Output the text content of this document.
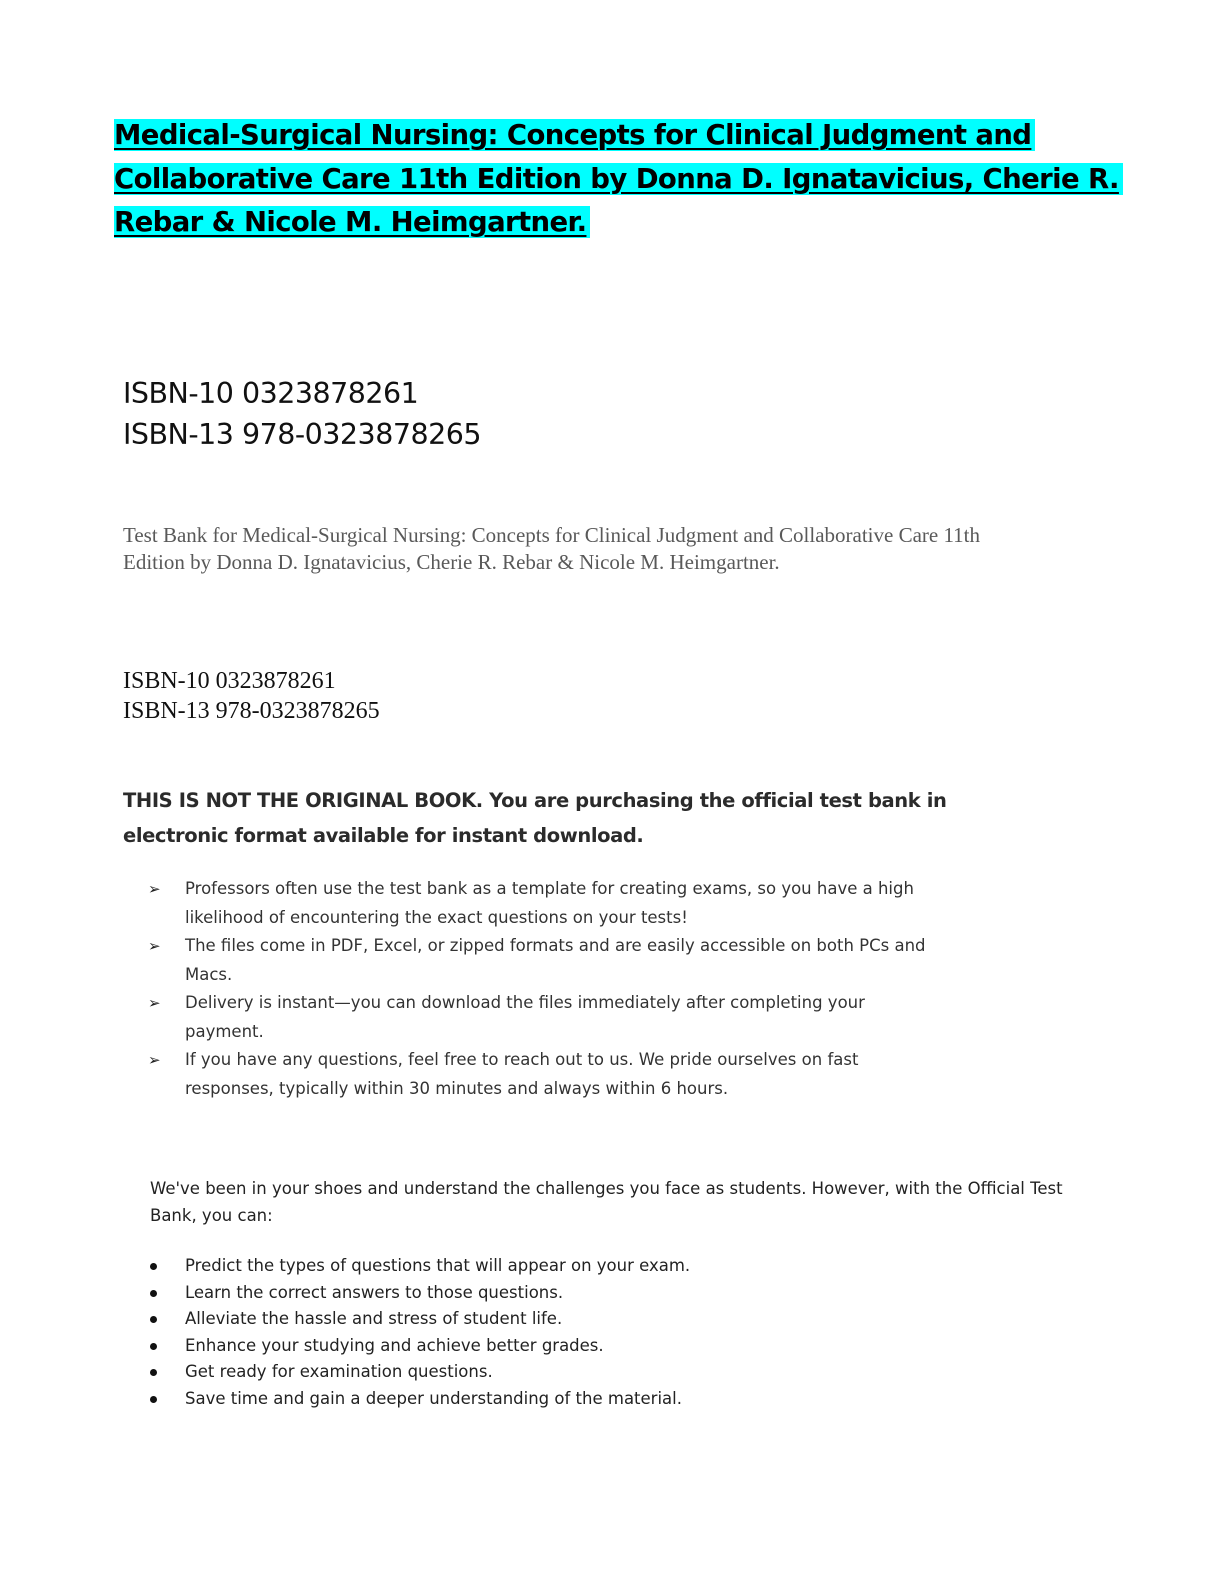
Medical-Surgical Nursing: Concepts for Clinical Judgment and
Collaborative Care 11th Edition by Donna D. Ignatavicius, Cherie R.
Rebar & Nicole M. Heimgartner.
ISBN-10 0323878261
ISBN-13 978-0323878265
Test Bank for Medical-Surgical Nursing: Concepts for Clinical Judgment and Collaborative Care 11th
Edition by Donna D. Ignatavicius, Cherie R. Rebar & Nicole M. Heimgartner.
ISBN-10 0323878261
ISBN-13 978-0323878265
THIS IS NOT THE ORIGINAL BOOK. You are purchasing the official test bank in
electronic format available for instant download.
➢ Professors often use the test bank as a template for creating exams, so you have a high
likelihood of encountering the exact questions on your tests!
➢ The files come in PDF, Excel, or zipped formats and are easily accessible on both PCs and
Macs.
➢ Delivery is instant—you can download the files immediately after completing your
payment.
➢ If you have any questions, feel free to reach out to us. We pride ourselves on fast
responses, typically within 30 minutes and always within 6 hours.
We've been in your shoes and understand the challenges you face as students. However, with the Official Test
Bank, you can:
Predict the types of questions that will appear on your exam.
Learn the correct answers to those questions.
Alleviate the hassle and stress of student life.
Enhance your studying and achieve better grades.
Get ready for examination questions.
Save time and gain a deeper understanding of the material.
